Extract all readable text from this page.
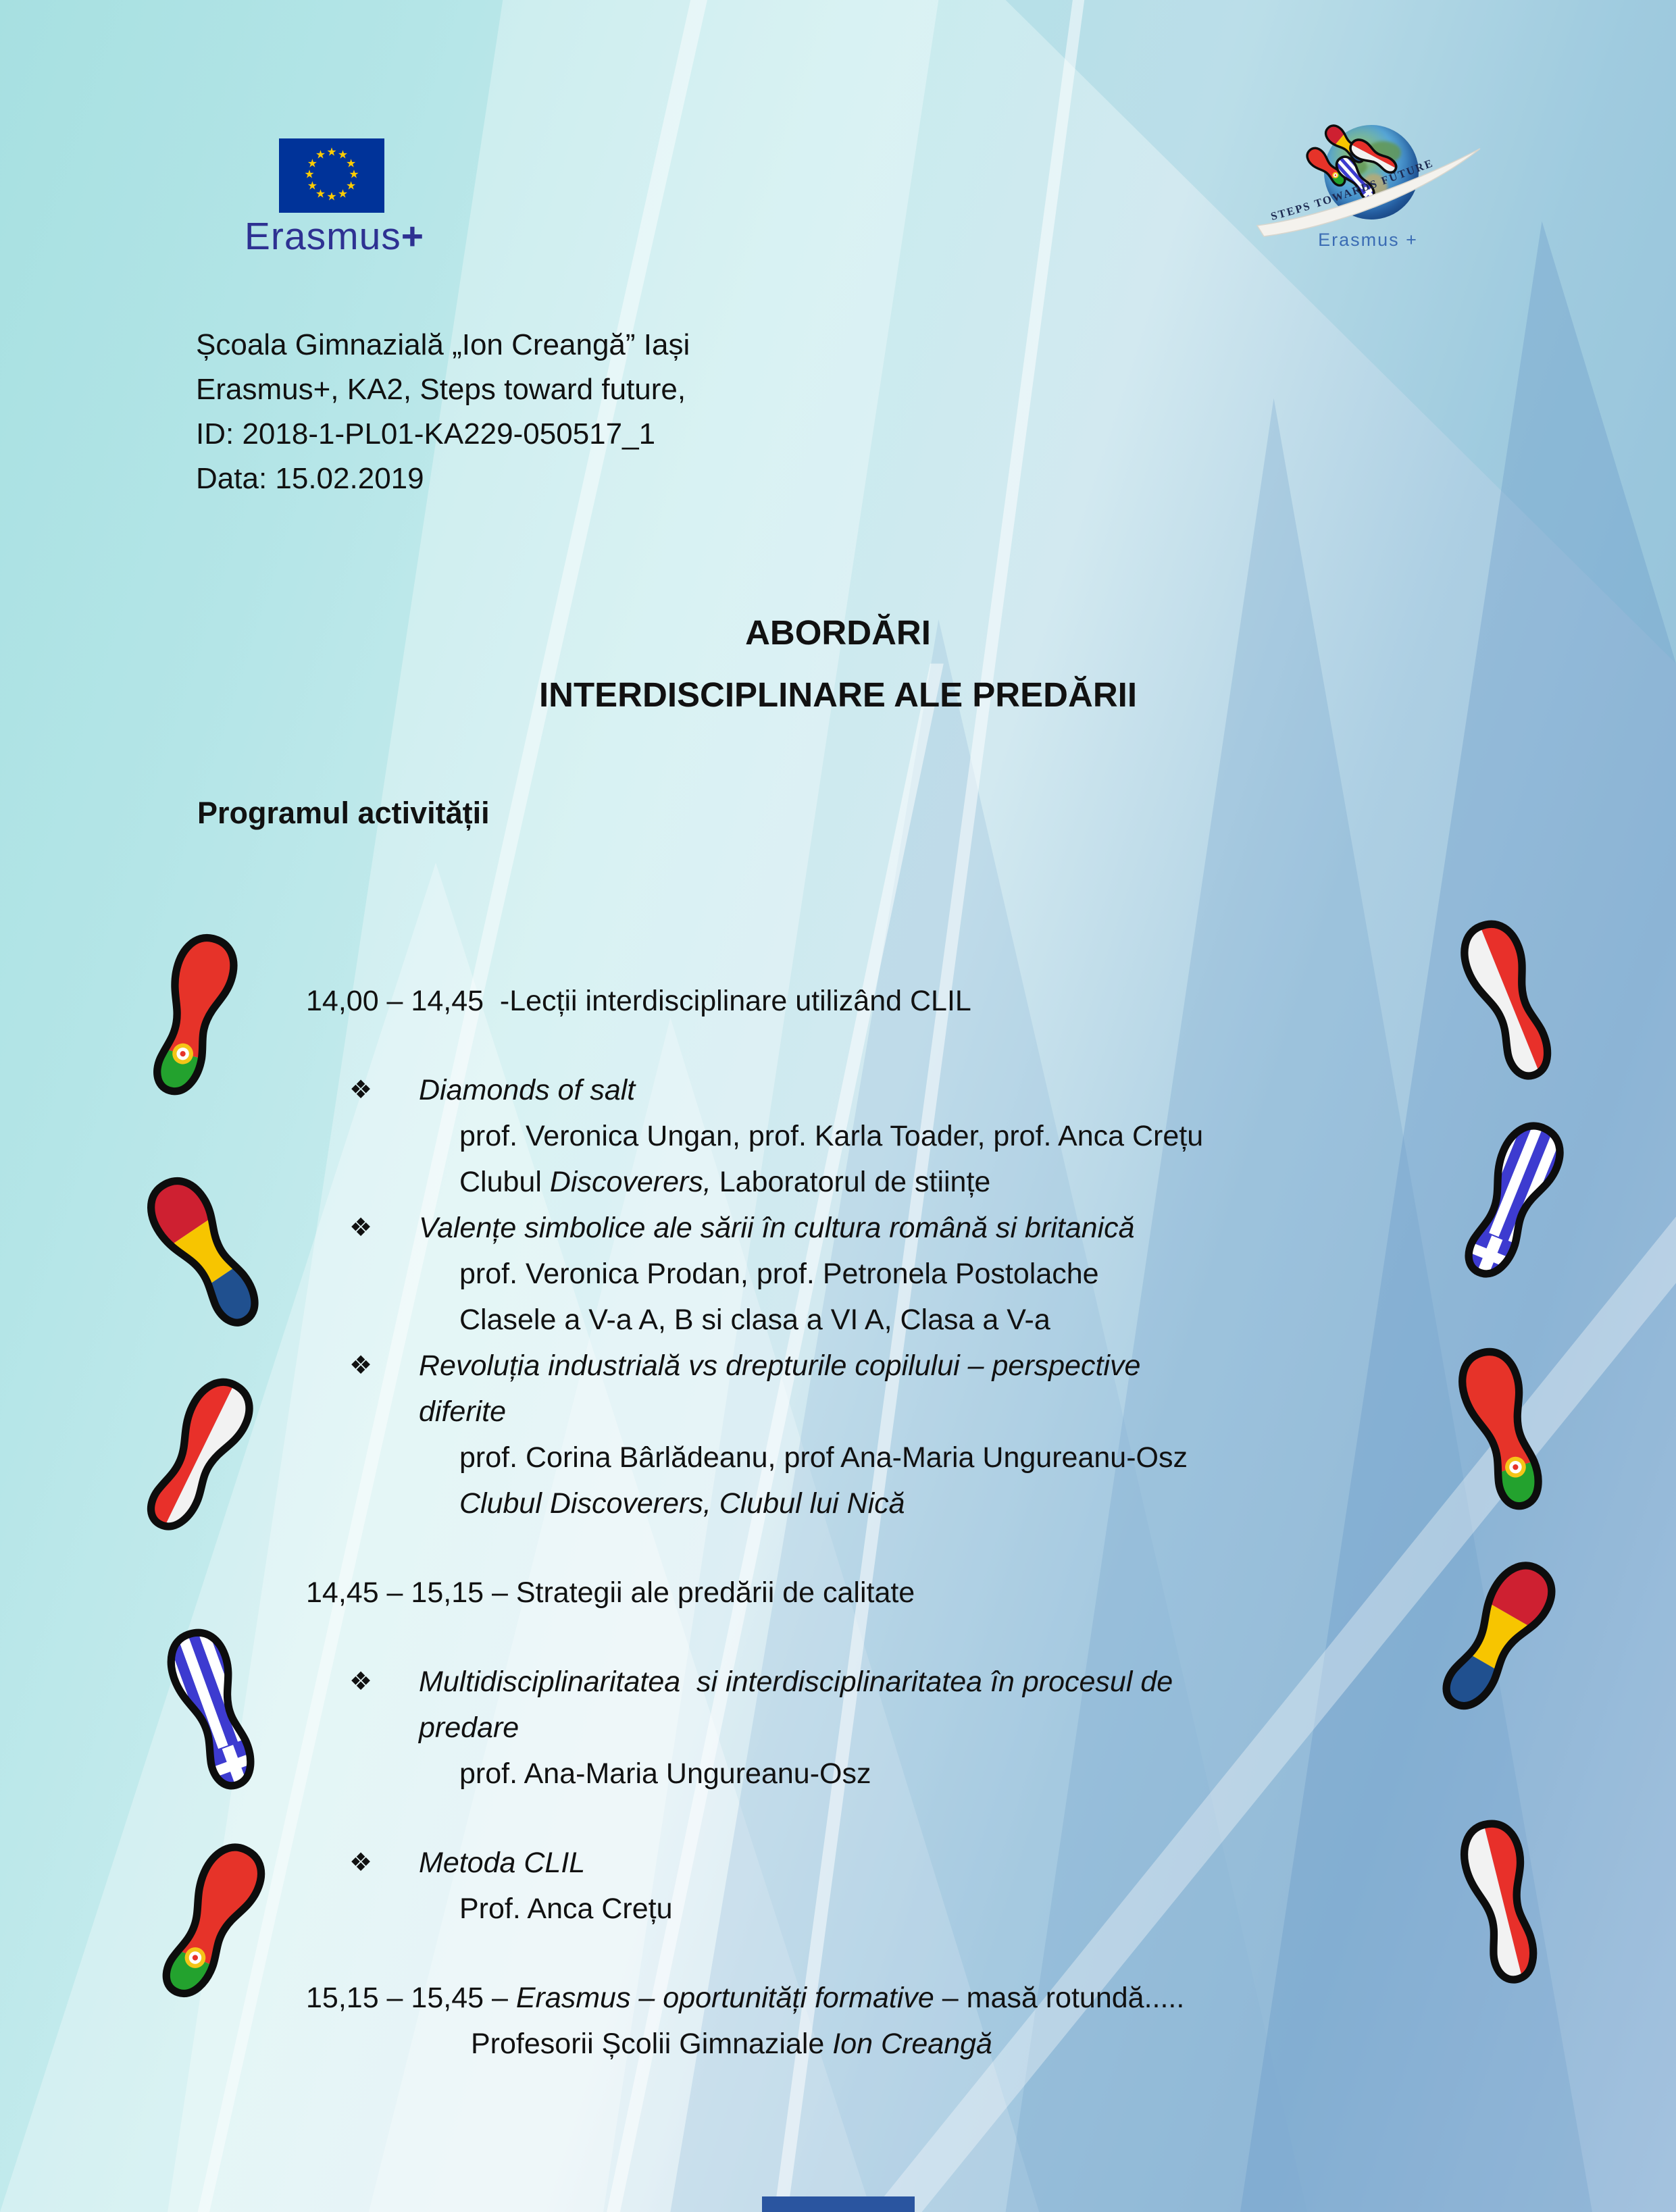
★ ★
★
★
★
★
★
★
★
★
★
★
Erasmus+	STEPS TOWARDS FUTURE
Erasmus +
Școala Gimnazială „Ion Creangă” Iași
Erasmus+, KA2, Steps toward future,
ID: 2018-1-PL01-KA229-050517_1
Data: 15.02.2019
ABORDĂRI
INTERDISCIPLINARE ALE PREDĂRII
Programul activității
14,00 – 14,45  -Lecții interdisciplinare utilizând CLIL
❖ Diamonds of salt
prof. Veronica Ungan, prof. Karla Toader, prof. Anca Crețu
Clubul Discoverers, Laboratorul de stiințe
❖ Valențe simbolice ale sării în cultura română si britanică
prof. Veronica Prodan, prof. Petronela Postolache
Clasele a V-a A, B si clasa a VI A, Clasa a V-a
❖ Revoluția industrială vs drepturile copilului – perspective
diferite
prof. Corina Bârlădeanu, prof Ana-Maria Ungureanu-Osz
Clubul Discoverers, Clubul lui Nică
14,45 – 15,15 – Strategii ale predării de calitate
❖ Multidisciplinaritatea  si interdisciplinaritatea în procesul de
predare
prof. Ana-Maria Ungureanu-Osz
❖ Metoda CLIL
Prof. Anca Crețu
15,15 – 15,45 – Erasmus – oportunități formative – masă rotundă.....
Profesorii Școlii Gimnaziale Ion Creangă
